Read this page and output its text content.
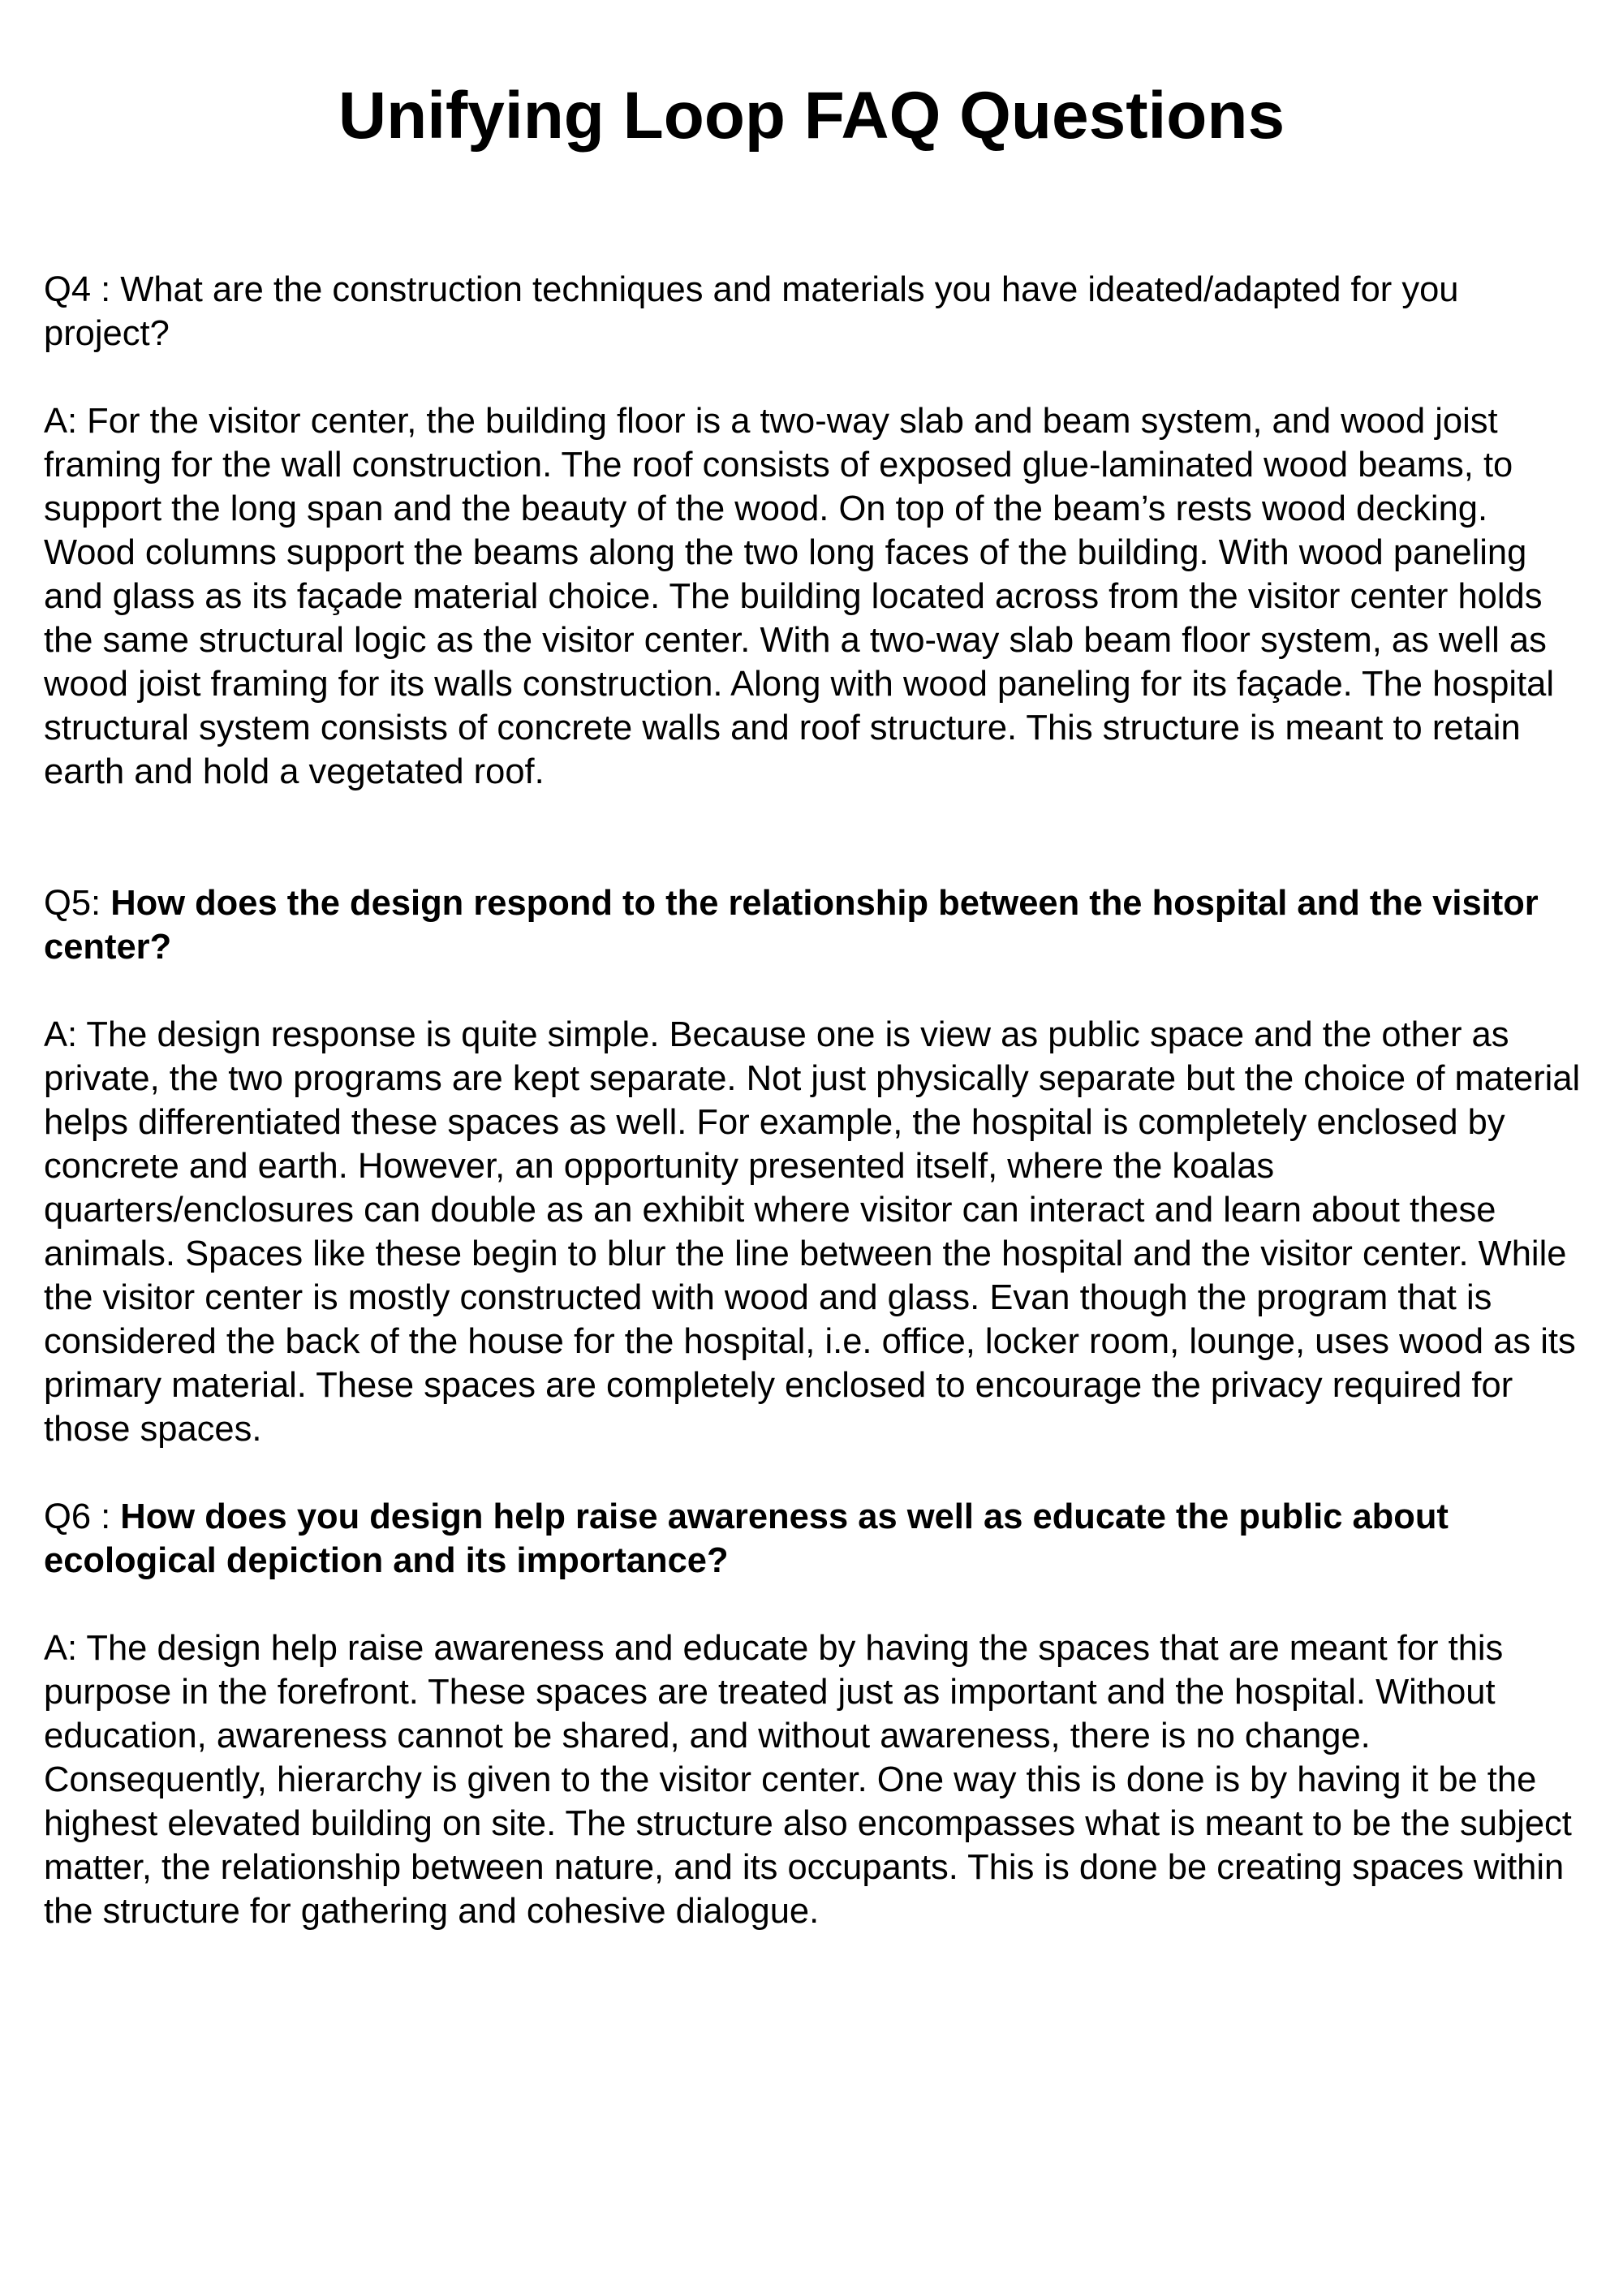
Unifying Loop FAQ Questions

Q4 : What are the construction techniques and materials you have ideated/adapted for you project?

A: For the visitor center, the building floor is a two-way slab and beam system, and wood joist framing for the wall construction. The roof consists of exposed glue-laminated wood beams, to support the long span and the beauty of the wood. On top of the beam’s rests wood decking. Wood columns support the beams along the two long faces of the building. With wood paneling and glass as its façade material choice. The building located across from the visitor center holds the same structural logic as the visitor center. With a two-way slab beam floor system, as well as wood joist framing for its walls construction. Along with wood paneling for its façade. The hospital structural system consists of concrete walls and roof structure. This structure is meant to retain earth and hold a vegetated roof.

Q5: How does the design respond to the relationship between the hospital and the visitor center?

A: The design response is quite simple. Because one is view as public space and the other as private, the two programs are kept separate. Not just physically separate but the choice of material helps differentiated these spaces as well. For example, the hospital is completely enclosed by concrete and earth. However, an opportunity presented itself, where the koalas quarters/enclosures can double as an exhibit where visitor can interact and learn about these animals. Spaces like these begin to blur the line between the hospital and the visitor center. While the visitor center is mostly constructed with wood and glass. Evan though the program that is considered the back of the house for the hospital, i.e. office, locker room, lounge, uses wood as its primary material. These spaces are completely enclosed to encourage the privacy required for those spaces.

Q6 : How does you design help raise awareness as well as educate the public about ecological depiction and its importance?

A: The design help raise awareness and educate by having the spaces that are meant for this purpose in the forefront. These spaces are treated just as important and the hospital. Without education, awareness cannot be shared, and without awareness, there is no change. Consequently, hierarchy is given to the visitor center. One way this is done is by having it be the highest elevated building on site. The structure also encompasses what is meant to be the subject matter, the relationship between nature, and its occupants. This is done be creating spaces within the structure for gathering and cohesive dialogue.
